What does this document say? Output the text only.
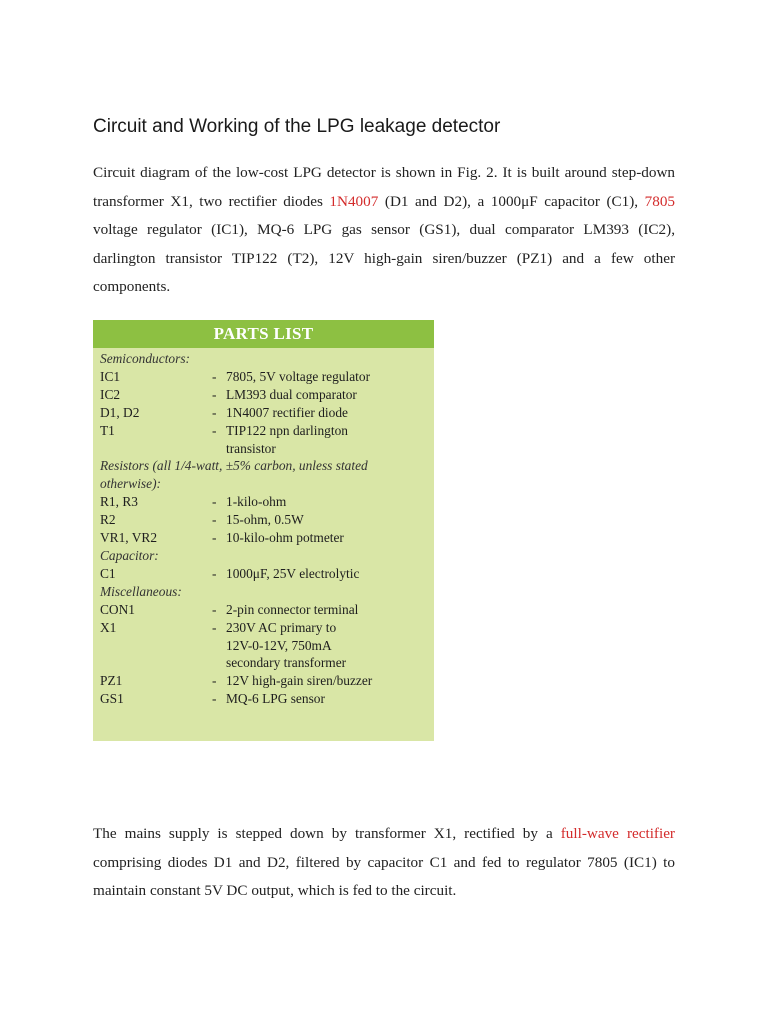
Circuit and Working of the LPG leakage detector

Circuit diagram of the low-cost LPG detector is shown in Fig. 2. It is built around step-down transformer X1, two rectifier diodes 1N4007 (D1 and D2), a 1000μF capacitor (C1), 7805 voltage regulator (IC1), MQ-6 LPG gas sensor (GS1), dual comparator LM393 (IC2), darlington transistor TIP122 (T2), 12V high-gain siren/buzzer (PZ1) and a few other components.

PARTS LIST
Semiconductors:
IC1	- 7805, 5V voltage regulator
IC2	- LM393 dual comparator
D1, D2	- 1N4007 rectifier diode
T1	- TIP122 npn darlington
transistor
Resistors (all 1/4-watt, ±5% carbon, unless stated
otherwise):
R1, R3	- 1-kilo-ohm
R2	- 15-ohm, 0.5W
VR1, VR2	- 10-kilo-ohm potmeter
Capacitor:
C1	- 1000μF, 25V electrolytic
Miscellaneous:
CON1	- 2-pin connector terminal
X1	- 230V AC primary to
12V-0-12V, 750mA
secondary transformer
PZ1	- 12V high-gain siren/buzzer
GS1	- MQ-6 LPG sensor

The mains supply is stepped down by transformer X1, rectified by a full-wave rectifier comprising diodes D1 and D2, filtered by capacitor C1 and fed to regulator 7805 (IC1) to maintain constant 5V DC output, which is fed to the circuit.
